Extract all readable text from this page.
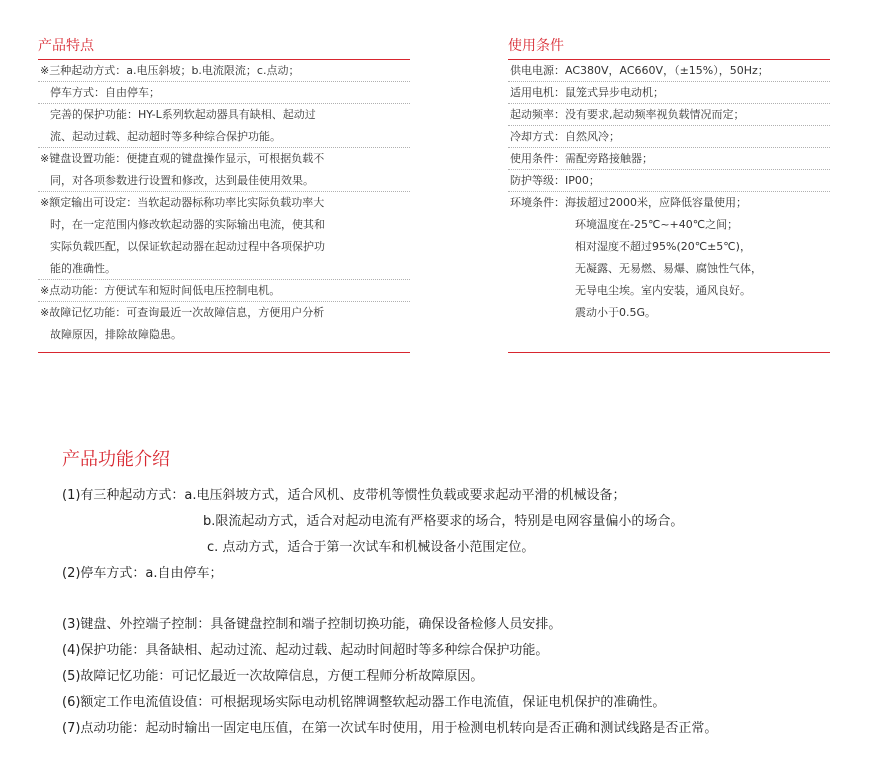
产品特点
※三种起动方式：a.电压斜坡；b.电流限流；c.点动；
停车方式：自由停车；
完善的保护功能：HY-L系列软起动器具有缺相、起动过
流、起动过载、起动超时等多种综合保护功能。
※键盘设置功能：便捷直观的键盘操作显示，可根据负载不
同，对各项参数进行设置和修改，达到最佳使用效果。
※额定输出可设定：当软起动器标称功率比实际负载功率大
时，在一定范围内修改软起动器的实际输出电流，使其和
实际负载匹配，以保证软起动器在起动过程中各项保护功
能的准确性。
※点动功能：方便试车和短时间低电压控制电机。
※故障记忆功能：可查询最近一次故障信息，方便用户分析
故障原因，排除故障隐患。
使用条件
供电电源：AC380V，AC660V，（±15%），50Hz；
适用电机：鼠笼式异步电动机；
起动频率：没有要求,起动频率视负载情况而定；
冷却方式：自然风冷；
使用条件：需配旁路接触器；
防护等级：IP00；
环境条件：海拔超过2000米，应降低容量使用；
环境温度在-25℃~+40℃之间；
相对湿度不超过95%(20℃±5℃)，
无凝露、无易燃、易爆、腐蚀性气体，
无导电尘埃。室内安装，通风良好。
震动小于0.5G。
产品功能介绍
(1)有三种起动方式：a.电压斜坡方式，适合风机、皮带机等惯性负载或要求起动平滑的机械设备；
b.限流起动方式，适合对起动电流有严格要求的场合，特别是电网容量偏小的场合。
c. 点动方式，适合于第一次试车和机械设备小范围定位。
(2)停车方式：a.自由停车；
(3)键盘、外控端子控制：具备键盘控制和端子控制切换功能，确保设备检修人员安排。
(4)保护功能：具备缺相、起动过流、起动过载、起动时间超时等多种综合保护功能。
(5)故障记忆功能：可记忆最近一次故障信息，方便工程师分析故障原因。
(6)额定工作电流值设值：可根据现场实际电动机铭牌调整软起动器工作电流值，保证电机保护的准确性。
(7)点动功能：起动时输出一固定电压值，在第一次试车时使用，用于检测电机转向是否正确和测试线路是否正常。
